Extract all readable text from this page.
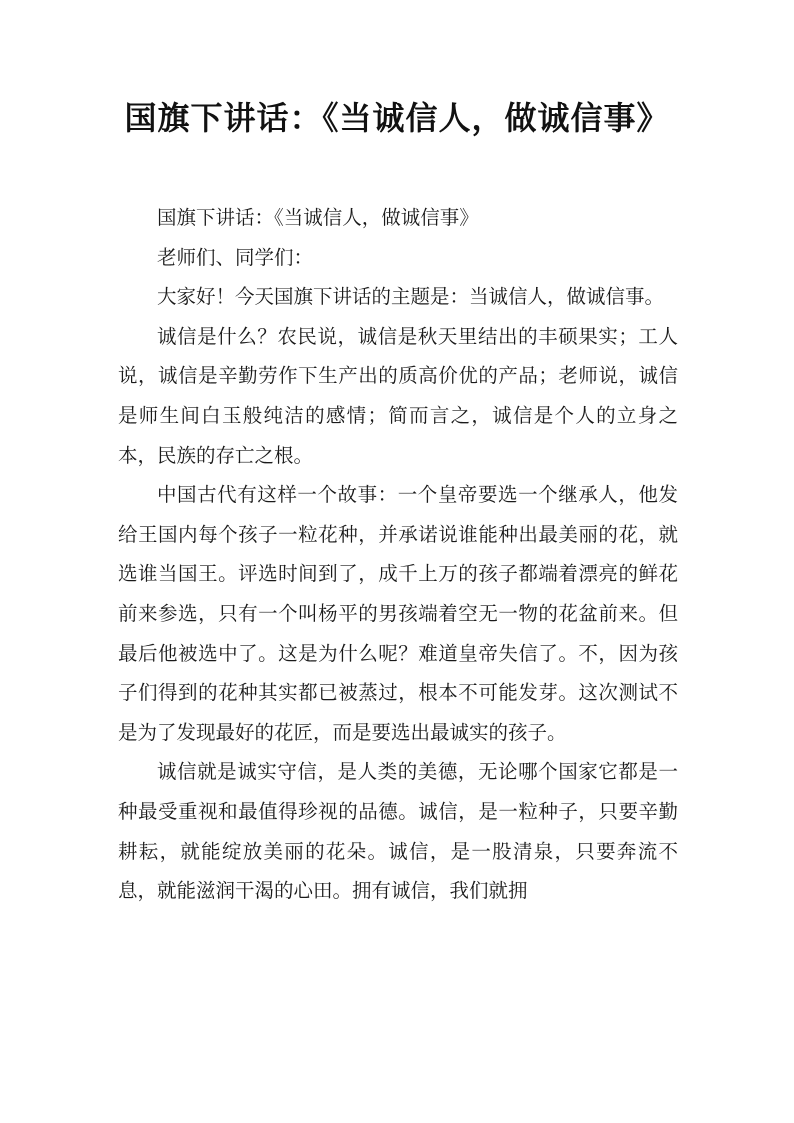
国旗下讲话：《当诚信人，做诚信事》

国旗下讲话：《当诚信人，做诚信事》

老师们、同学们：

大家好！今天国旗下讲话的主题是：当诚信人，做诚信事。

诚信是什么？农民说，诚信是秋天里结出的丰硕果实；工人说，诚信是辛勤劳作下生产出的质高价优的产品；老师说，诚信是师生间白玉般纯洁的感情；简而言之，诚信是个人的立身之本，民族的存亡之根。

中国古代有这样一个故事：一个皇帝要选一个继承人，他发给王国内每个孩子一粒花种，并承诺说谁能种出最美丽的花，就选谁当国王。评选时间到了，成千上万的孩子都端着漂亮的鲜花前来参选，只有一个叫杨平的男孩端着空无一物的花盆前来。但最后他被选中了。这是为什么呢？难道皇帝失信了。不，因为孩子们得到的花种其实都已被蒸过，根本不可能发芽。这次测试不是为了发现最好的花匠，而是要选出最诚实的孩子。

诚信就是诚实守信，是人类的美德，无论哪个国家它都是一种最受重视和最值得珍视的品德。诚信，是一粒种子，只要辛勤耕耘，就能绽放美丽的花朵。诚信，是一股清泉，只要奔流不息，就能滋润干渴的心田。拥有诚信，我们就拥
